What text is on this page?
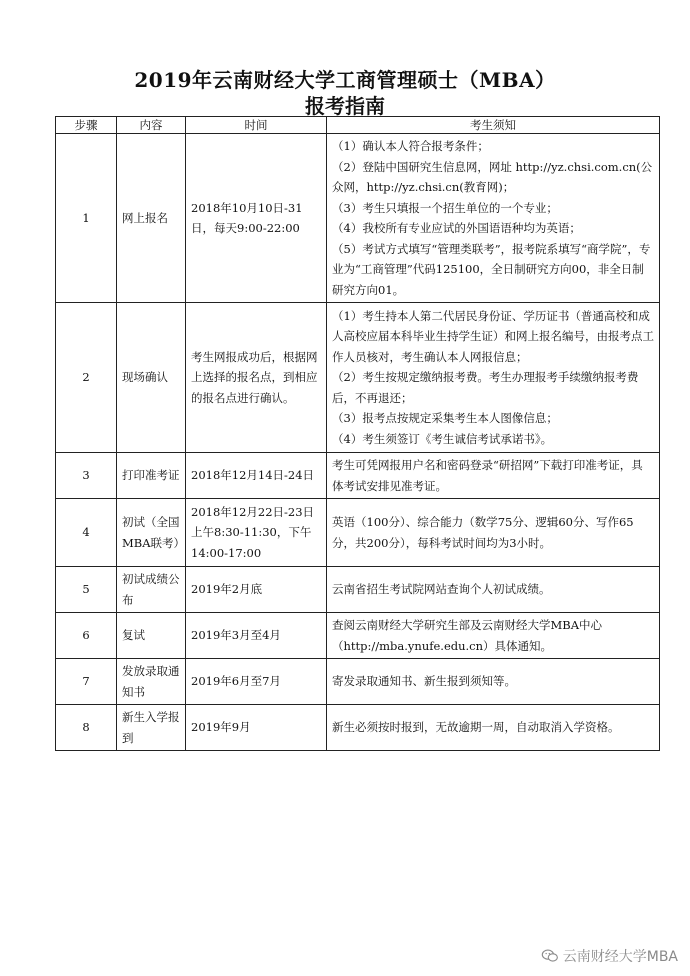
2019年云南财经大学工商管理硕士（MBA）
报考指南
步骤	内容	时间	考生须知
1	网上报名	2018年10月10日-31日，每天9:00-22:00	（1）确认本人符合报考条件；
（2）登陆中国研究生信息网，网址 http://yz.chsi.com.cn(公众网，http://yz.chsi.cn(教育网)；
（3）考生只填报一个招生单位的一个专业；
（4）我校所有专业应试的外国语语种均为英语；
（5）考试方式填写“管理类联考”，报考院系填写“商学院”，专业为“工商管理”代码125100，全日制研究方向00，非全日制研究方向01。

2	现场确认	考生网报成功后，根据网上选择的报名点，到相应的报名点进行确认。	（1）考生持本人第二代居民身份证、学历证书（普通高校和成人高校应届本科毕业生持学生证）和网上报名编号，由报考点工作人员核对，考生确认本人网报信息；
（2）考生按规定缴纳报考费。考生办理报考手续缴纳报考费后，不再退还；
（3）报考点按规定采集考生本人图像信息；
（4）考生须签订《考生诚信考试承诺书》。

3	打印准考证	2018年12月14日-24日	考生可凭网报用户名和密码登录“研招网”下载打印准考证，具体考试安排见准考证。

4	初试（全国MBA联考）	2018年12月22日-23日上午8:30-11:30，下午14:00-17:00	英语（100分）、综合能力（数学75分、逻辑60分、写作65分，共200分），每科考试时间均为3小时。

5	初试成绩公布	2019年2月底	云南省招生考试院网站查询个人初试成绩。

6	复试	2019年3月至4月	查阅云南财经大学研究生部及云南财经大学MBA中心（http://mba.ynufe.edu.cn）具体通知。

7	发放录取通知书	2019年6月至7月	寄发录取通知书、新生报到须知等。

8	新生入学报到	2019年9月	新生必须按时报到，无故逾期一周，自动取消入学资格。
云南财经大学MBA
